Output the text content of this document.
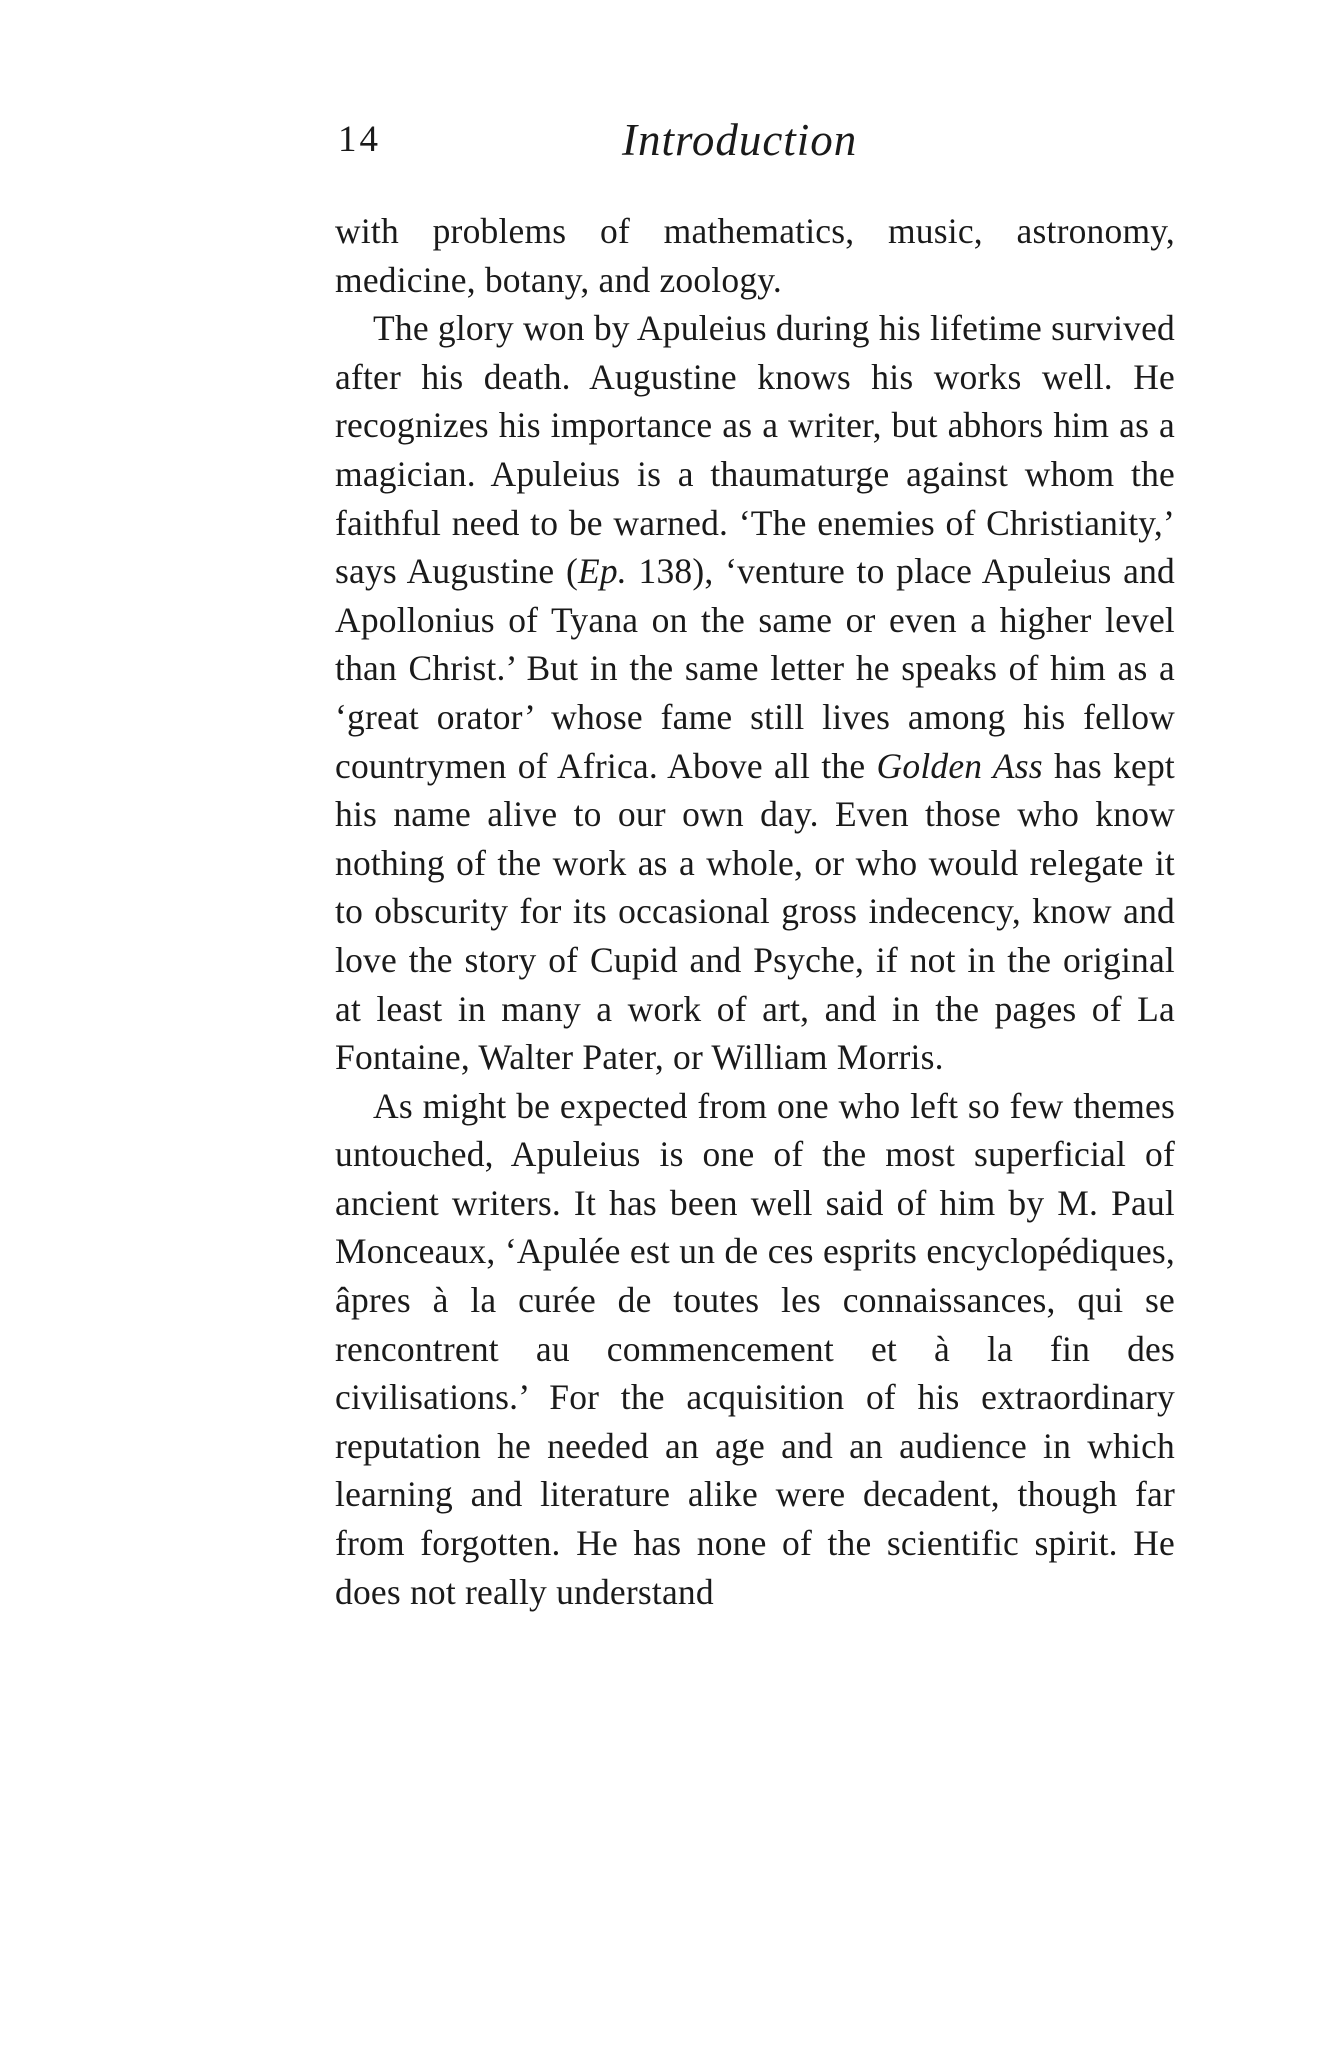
14	Introduction

with problems of mathematics, music, astronomy, medicine, botany, and zoology.

The glory won by Apuleius during his lifetime survived after his death. Augustine knows his works well. He recognizes his importance as a writer, but abhors him as a magician. Apuleius is a thaumaturge against whom the faithful need to be warned. ‘The enemies of Christianity,’ says Augustine (Ep. 138), ‘venture to place Apuleius and Apollonius of Tyana on the same or even a higher level than Christ.’ But in the same letter he speaks of him as a ‘great orator’ whose fame still lives among his fellow countrymen of Africa. Above all the Golden Ass has kept his name alive to our own day. Even those who know nothing of the work as a whole, or who would relegate it to obscurity for its occasional gross indecency, know and love the story of Cupid and Psyche, if not in the original at least in many a work of art, and in the pages of La Fontaine, Walter Pater, or William Morris.

As might be expected from one who left so few themes untouched, Apuleius is one of the most superficial of ancient writers. It has been well said of him by M. Paul Monceaux, ‘Apulée est un de ces esprits encyclopédiques, âpres à la curée de toutes les connaissances, qui se rencontrent au commencement et à la fin des civilisations.’ For the acquisition of his extraordinary reputation he needed an age and an audience in which learning and literature alike were decadent, though far from forgotten. He has none of the scientific spirit. He does not really understand
